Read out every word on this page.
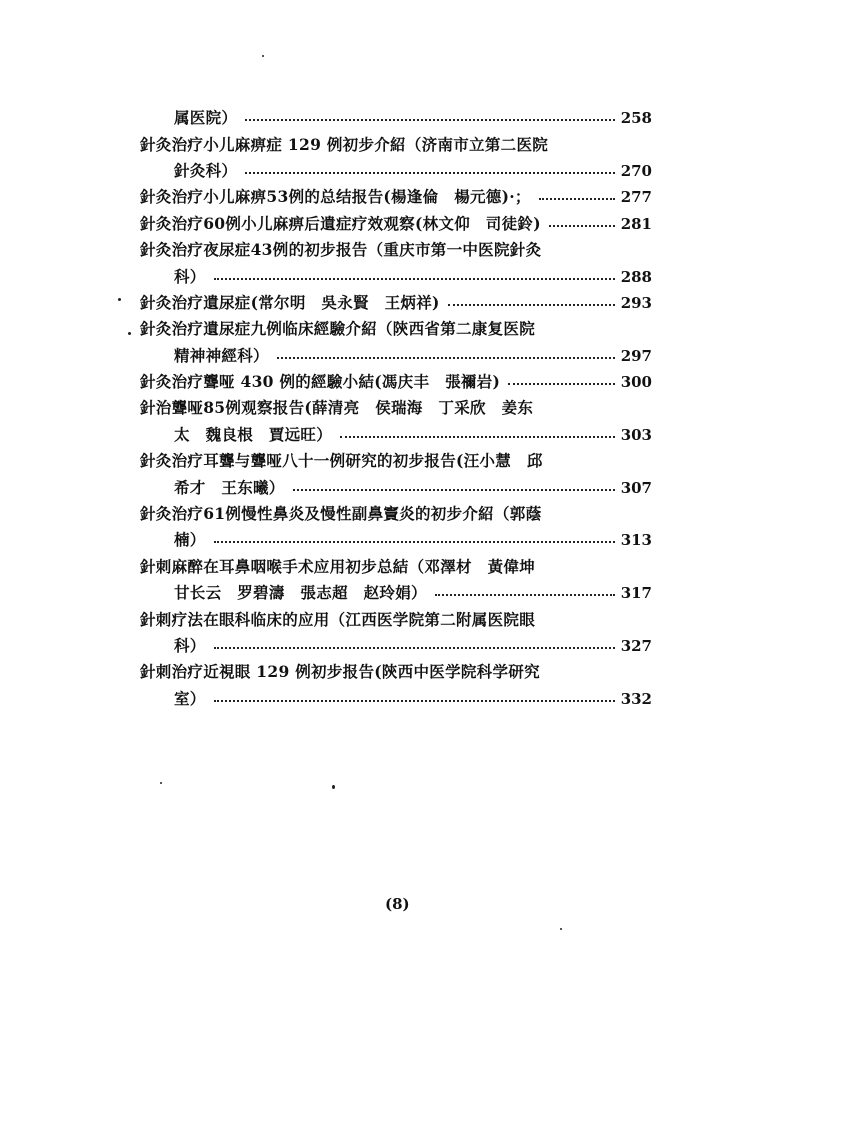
属医院）	258
針灸治疗小儿麻痹症 129 例初步介紹（济南市立第二医院
針灸科）	270
針灸治疗小儿麻痹53例的总结报告(楊逢倫　楊元德)·；	277
針灸治疗60例小儿麻痹后遺症疗效观察(林文仰　司徒鈴)	281
針灸治疗夜尿症43例的初步报告（重庆市第一中医院針灸
科）	288
針灸治疗遺尿症(常尔明　吳永賢　王炳祥)	293
針灸治疗遺尿症九例临床經驗介紹（陝西省第二康复医院
精神神經科）	297
針灸治疗聾哑 430 例的經驗小結(馮庆丰　張禰岩)	300
針治聾哑85例观察报告(薛清亮　侯瑞海　丁采欣　姜东
太　魏良根　賈远旺）	303
針灸治疗耳聾与聾哑八十一例研究的初步报告(汪小慧　邱
希才　王东曦）	307
針灸治疗61例慢性鼻炎及慢性副鼻竇炎的初步介紹（郭蔭
楠）	313
針刺麻醉在耳鼻咽喉手术应用初步总結（邓澤材　黃偉坤
甘长云　罗碧濤　張志超　赵玲娟）	317
針刺疗法在眼科临床的应用（江西医学院第二附属医院眼
科）	327
針刺治疗近視眼 129 例初步报告(陝西中医学院科学研究
室）	332
(8)
